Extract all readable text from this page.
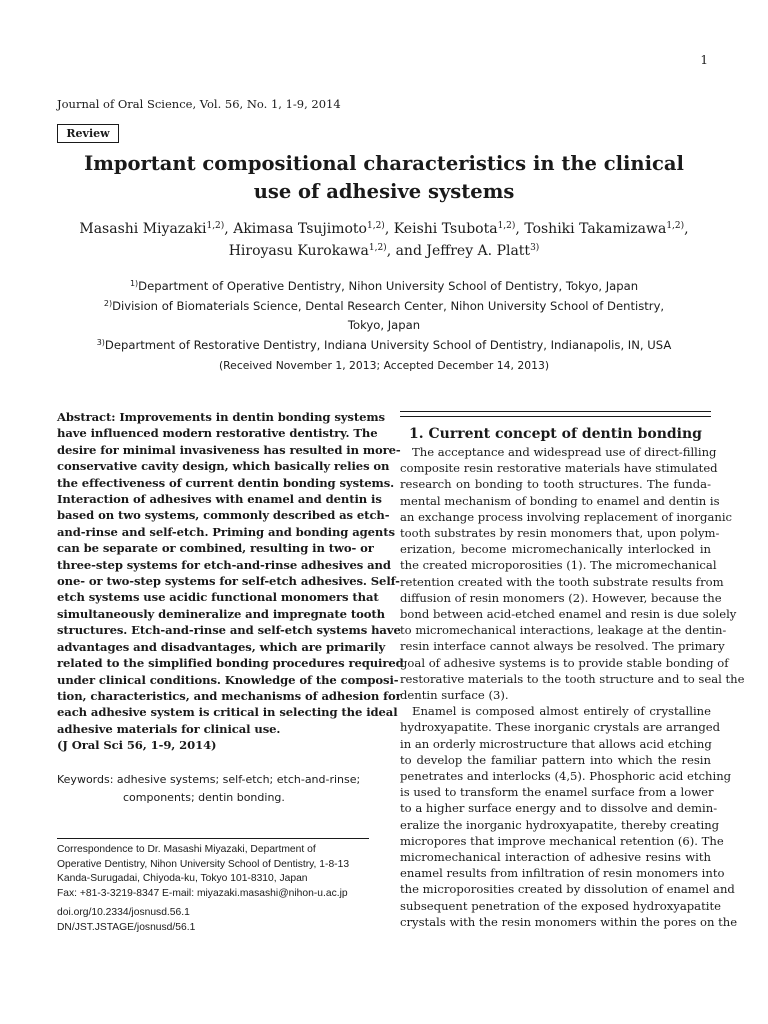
1
Journal of Oral Science, Vol. 56, No. 1, 1-9, 2014
Review
Important compositional characteristics in the clinical
use of adhesive systems
Masashi Miyazaki$^{1,2)}$, Akimasa Tsujimoto$^{1,2)}$, Keishi Tsubota$^{1,2)}$, Toshiki Takamizawa$^{1,2)}$,
Hiroyasu Kurokawa$^{1,2)}$, and Jeffrey A. Platt$^{3)}$
$^{1)}$Department of Operative Dentistry, Nihon University School of Dentistry, Tokyo, Japan
$^{2)}$Division of Biomaterials Science, Dental Research Center, Nihon University School of Dentistry,
Tokyo, Japan
$^{3)}$Department of Restorative Dentistry, Indiana University School of Dentistry, Indianapolis, IN, USA
(Received November 1, 2013; Accepted December 14, 2013)
Abstract: Improvements in dentin bonding systems
have influenced modern restorative dentistry. The
desire for minimal invasiveness has resulted in more-
conservative cavity design, which basically relies on
the effectiveness of current dentin bonding systems.
Interaction of adhesives with enamel and dentin is
based on two systems, commonly described as etch-
and-rinse and self-etch. Priming and bonding agents
can be separate or combined, resulting in two- or
three-step systems for etch-and-rinse adhesives and
one- or two-step systems for self-etch adhesives. Self-
etch systems use acidic functional monomers that
simultaneously demineralize and impregnate tooth
structures. Etch-and-rinse and self-etch systems have
advantages and disadvantages, which are primarily
related to the simplified bonding procedures required
under clinical conditions. Knowledge of the composi-
tion, characteristics, and mechanisms of adhesion for
each adhesive system is critical in selecting the ideal
adhesive materials for clinical use.
(J Oral Sci 56, 1-9, 2014)
Keywords: adhesive systems; self-etch; etch-and-rinse;
components; dentin bonding.
Correspondence to Dr. Masashi Miyazaki, Department of
Operative Dentistry, Nihon University School of Dentistry, 1-8-13
Kanda-Surugadai, Chiyoda-ku, Tokyo 101-8310, Japan
Fax: +81-3-3219-8347 E-mail: miyazaki.masashi@nihon-u.ac.jp
doi.org/10.2334/josnusd.56.1
DN/JST.JSTAGE/josnusd/56.1
1. Current concept of dentin bonding
The acceptance and widespread use of direct-filling
composite resin restorative materials have stimulated
research on bonding to tooth structures. The funda-
mental mechanism of bonding to enamel and dentin is
an exchange process involving replacement of inorganic
tooth substrates by resin monomers that, upon polym-
erization, become micromechanically interlocked in
the created microporosities (1). The micromechanical
retention created with the tooth substrate results from
diffusion of resin monomers (2). However, because the
bond between acid-etched enamel and resin is due solely
to micromechanical interactions, leakage at the dentin-
resin interface cannot always be resolved. The primary
goal of adhesive systems is to provide stable bonding of
restorative materials to the tooth structure and to seal the
dentin surface (3).
Enamel is composed almost entirely of crystalline
hydroxyapatite. These inorganic crystals are arranged
in an orderly microstructure that allows acid etching
to develop the familiar pattern into which the resin
penetrates and interlocks (4,5). Phosphoric acid etching
is used to transform the enamel surface from a lower
to a higher surface energy and to dissolve and demin-
eralize the inorganic hydroxyapatite, thereby creating
micropores that improve mechanical retention (6). The
micromechanical interaction of adhesive resins with
enamel results from infiltration of resin monomers into
the microporosities created by dissolution of enamel and
subsequent penetration of the exposed hydroxyapatite
crystals with the resin monomers within the pores on the
